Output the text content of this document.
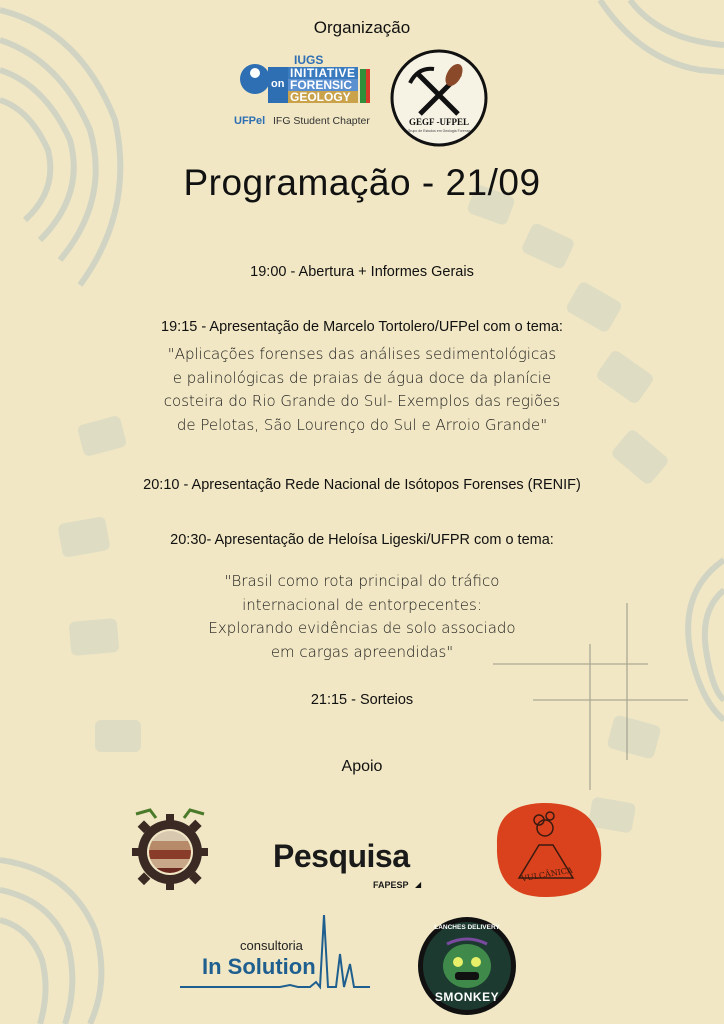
Organização
IUGS
INITIATIVE
on FORENSIC
GEOLOGY
UFPel IFG Student Chapter	GEGF -UFPEL
Grupo de Estudos em Geologia Forense
Programação - 21/09
19:00 - Abertura + Informes Gerais
19:15 - Apresentação de Marcelo Tortolero/UFPel com o tema:
"Aplicações forenses das análises sedimentológicas
e palinológicas de praias de água doce da planície
costeira do Rio Grande do Sul- Exemplos das regiões
de Pelotas, São Lourenço do Sul e Arroio Grande"
20:10 - Apresentação Rede Nacional de Isótopos Forenses (RENIF)
20:30- Apresentação de Heloísa Ligeski/UFPR com o tema:
"Brasil como rota principal do tráfico
internacional de entorpecentes:
Explorando evidências de solo associado
em cargas apreendidas"
21:15 - Sorteios
Apoio
Pesquisa
FAPESP ◢
VULCÂNICA
consultoria
In Solution
LANCHES DELIVERY
SMONKEY
